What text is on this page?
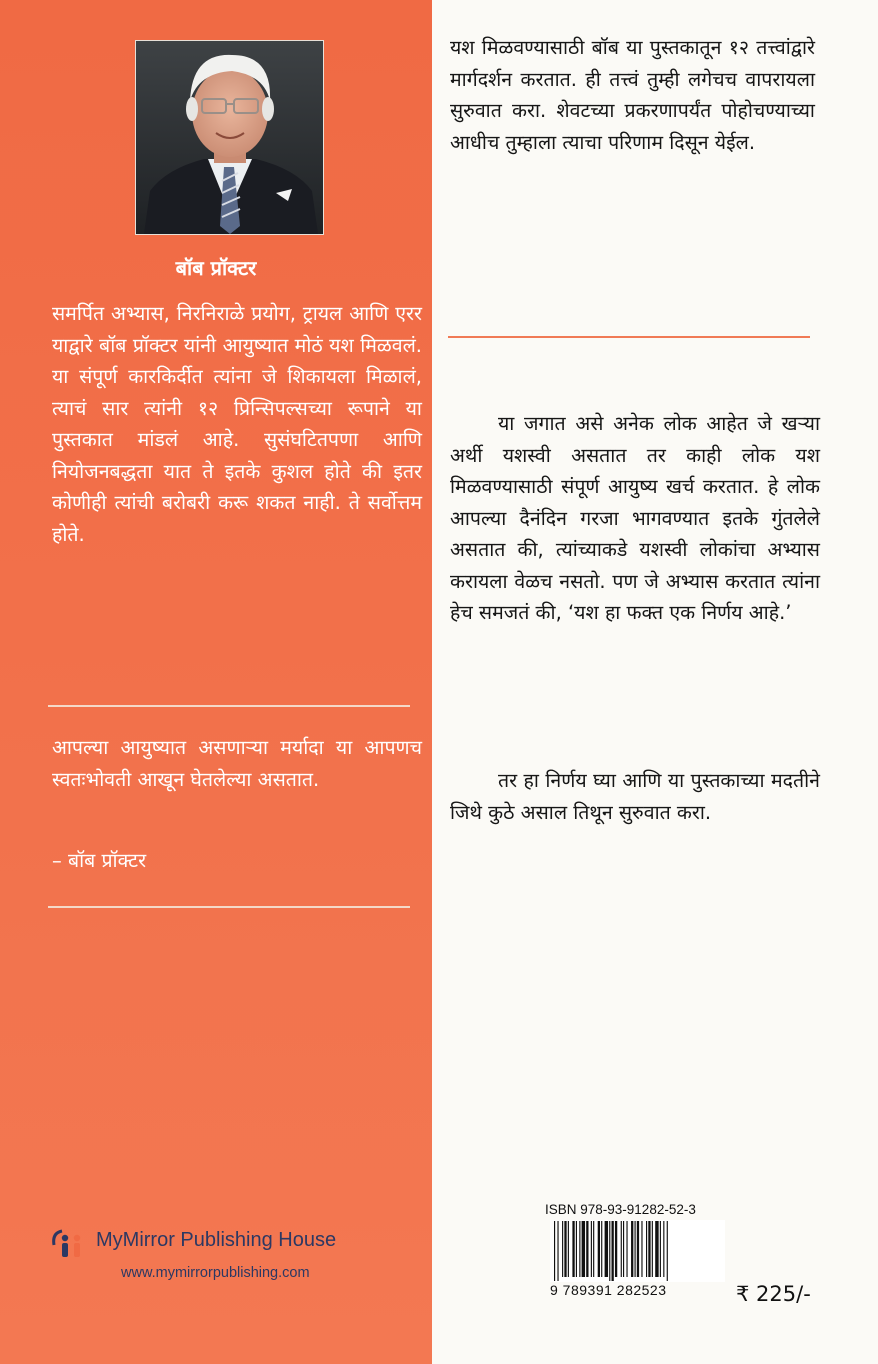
बॉब प्रॉक्टर
समर्पित अभ्यास, निरनिराळे प्रयोग, ट्रायल आणि एरर याद्वारे बॉब प्रॉक्टर यांनी आयुष्यात मोठं यश मिळवलं. या संपूर्ण कारकिर्दीत त्यांना जे शिकायला मिळालं, त्याचं सार त्यांनी १२ प्रिन्सिपल्सच्या रूपाने या पुस्तकात मांडलं आहे. सुसंघटितपणा आणि नियोजनबद्धता यात ते इतके कुशल होते की इतर कोणीही त्यांची बरोबरी करू शकत नाही. ते सर्वोत्तम होते.
आपल्या आयुष्यात असणाऱ्या मर्यादा या आपणच स्वतःभोवती आखून घेतलेल्या असतात.
– बॉब प्रॉक्टर
यश मिळवण्यासाठी बॉब या पुस्तकातून १२ तत्त्वांद्वारे मार्गदर्शन करतात. ही तत्त्वं तुम्ही लगेचच वापरायला सुरुवात करा. शेवटच्या प्रकरणापर्यंत पोहोचण्याच्या आधीच तुम्हाला त्याचा परिणाम दिसून येईल.
या जगात असे अनेक लोक आहेत जे खऱ्या अर्थी यशस्वी असतात तर काही लोक यश मिळवण्यासाठी संपूर्ण आयुष्य खर्च करतात. हे लोक आपल्या दैनंदिन गरजा भागवण्यात इतके गुंतलेले असतात की, त्यांच्याकडे यशस्वी लोकांचा अभ्यास करायला वेळच नसतो. पण जे अभ्यास करतात त्यांना हेच समजतं की, ‘यश हा फक्त एक निर्णय आहे.’
तर हा निर्णय घ्या आणि या पुस्तकाच्या मदतीने जिथे कुठे असाल तिथून सुरुवात करा.
MyMirror Publishing House
www.mymirrorpublishing.com
ISBN 978-93-91282-52-3
9 789391 282523	₹ 225/-
